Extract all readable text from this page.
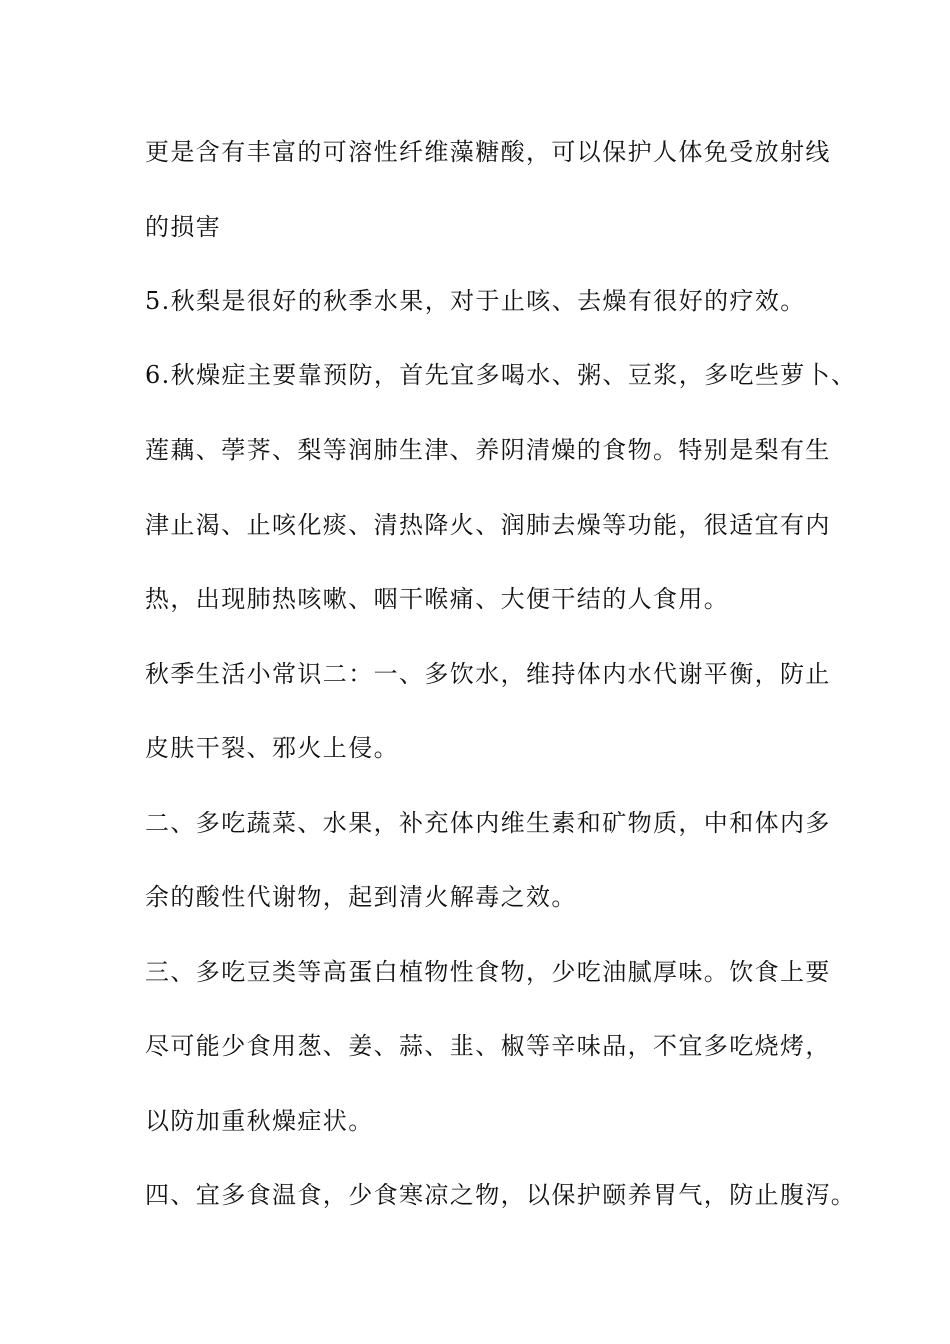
更是含有丰富的可溶性纤维藻糖酸，可以保护人体免受放射线

的损害

5.秋梨是很好的秋季水果，对于止咳、去燥有很好的疗效。

6.秋燥症主要靠预防，首先宜多喝水、粥、豆浆，多吃些萝卜、

莲藕、荸荠、梨等润肺生津、养阴清燥的食物。特别是梨有生

津止渴、止咳化痰、清热降火、润肺去燥等功能，很适宜有内

热，出现肺热咳嗽、咽干喉痛、大便干结的人食用。

秋季生活小常识二：一、多饮水，维持体内水代谢平衡，防止

皮肤干裂、邪火上侵。

二、多吃蔬菜、水果，补充体内维生素和矿物质，中和体内多

余的酸性代谢物，起到清火解毒之效。

三、多吃豆类等高蛋白植物性食物，少吃油腻厚味。饮食上要

尽可能少食用葱、姜、蒜、韭、椒等辛味品，不宜多吃烧烤，

以防加重秋燥症状。

四、宜多食温食，少食寒凉之物，以保护颐养胃气，防止腹泻。
